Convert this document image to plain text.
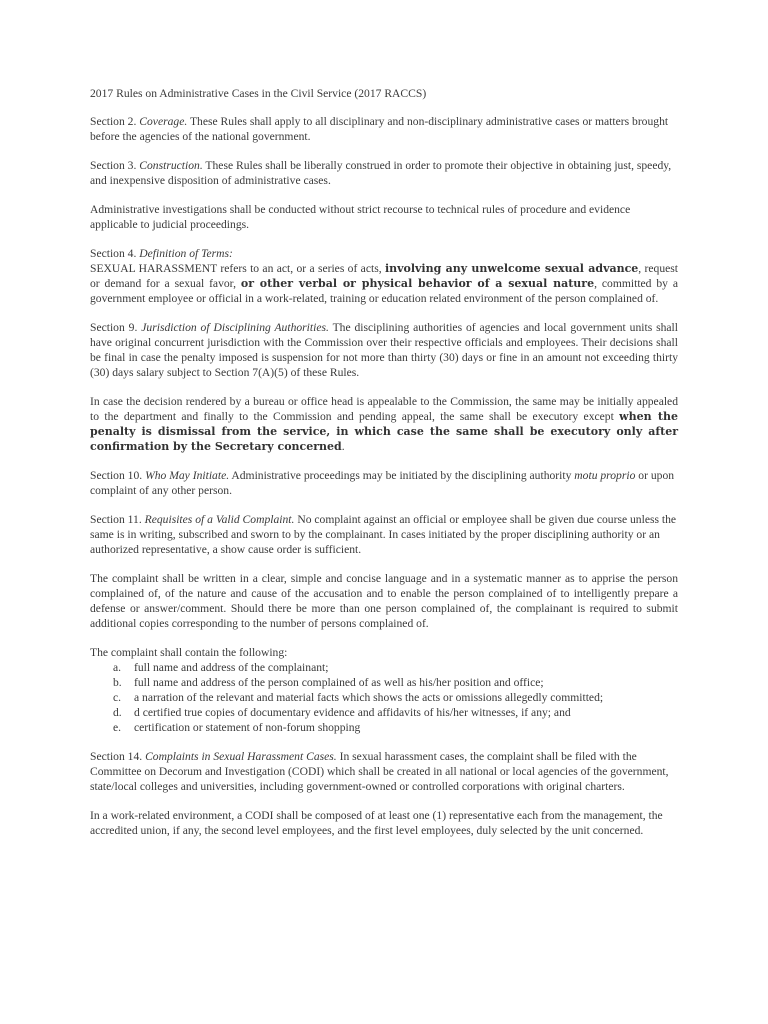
2017 Rules on Administrative Cases in the Civil Service (2017 RACCS)

Section 2. Coverage. These Rules shall apply to all disciplinary and non-disciplinary administrative cases or matters brought before the agencies of the national government.

Section 3. Construction. These Rules shall be liberally construed in order to promote their objective in obtaining just, speedy, and inexpensive disposition of administrative cases.

Administrative investigations shall be conducted without strict recourse to technical rules of procedure and evidence applicable to judicial proceedings.

Section 4. Definition of Terms:

SEXUAL HARASSMENT refers to an act, or a series of acts, involving any unwelcome sexual advance, request or demand for a sexual favor, or other verbal or physical behavior of a sexual nature, committed by a government employee or official in a work-related, training or education related environment of the person complained of.

Section 9. Jurisdiction of Disciplining Authorities. The disciplining authorities of agencies and local government units shall have original concurrent jurisdiction with the Commission over their respective officials and employees. Their decisions shall be final in case the penalty imposed is suspension for not more than thirty (30) days or fine in an amount not exceeding thirty (30) days salary subject to Section 7(A)(5) of these Rules.

In case the decision rendered by a bureau or office head is appealable to the Commission, the same may be initially appealed to the department and finally to the Commission and pending appeal, the same shall be executory except when the penalty is dismissal from the service, in which case the same shall be executory only after confirmation by the Secretary concerned.

Section 10. Who May Initiate. Administrative proceedings may be initiated by the disciplining authority motu proprio or upon complaint of any other person.

Section 11. Requisites of a Valid Complaint. No complaint against an official or employee shall be given due course unless the same is in writing, subscribed and sworn to by the complainant. In cases initiated by the proper disciplining authority or an authorized representative, a show cause order is sufficient.

The complaint shall be written in a clear, simple and concise language and in a systematic manner as to apprise the person complained of, of the nature and cause of the accusation and to enable the person complained of to intelligently prepare a defense or answer/comment. Should there be more than one person complained of, the complainant is required to submit additional copies corresponding to the number of persons complained of.

The complaint shall contain the following:

a. full name and address of the complainant;
b. full name and address of the person complained of as well as his/her position and office;
c. a narration of the relevant and material facts which shows the acts or omissions allegedly committed;
d. d certified true copies of documentary evidence and affidavits of his/her witnesses, if any; and
e. certification or statement of non-forum shopping

Section 14. Complaints in Sexual Harassment Cases. In sexual harassment cases, the complaint shall be filed with the Committee on Decorum and Investigation (CODI) which shall be created in all national or local agencies of the government, state/local colleges and universities, including government-owned or controlled corporations with original charters.

In a work-related environment, a CODI shall be composed of at least one (1) representative each from the management, the accredited union, if any, the second level employees, and the first level employees, duly selected by the unit concerned.
